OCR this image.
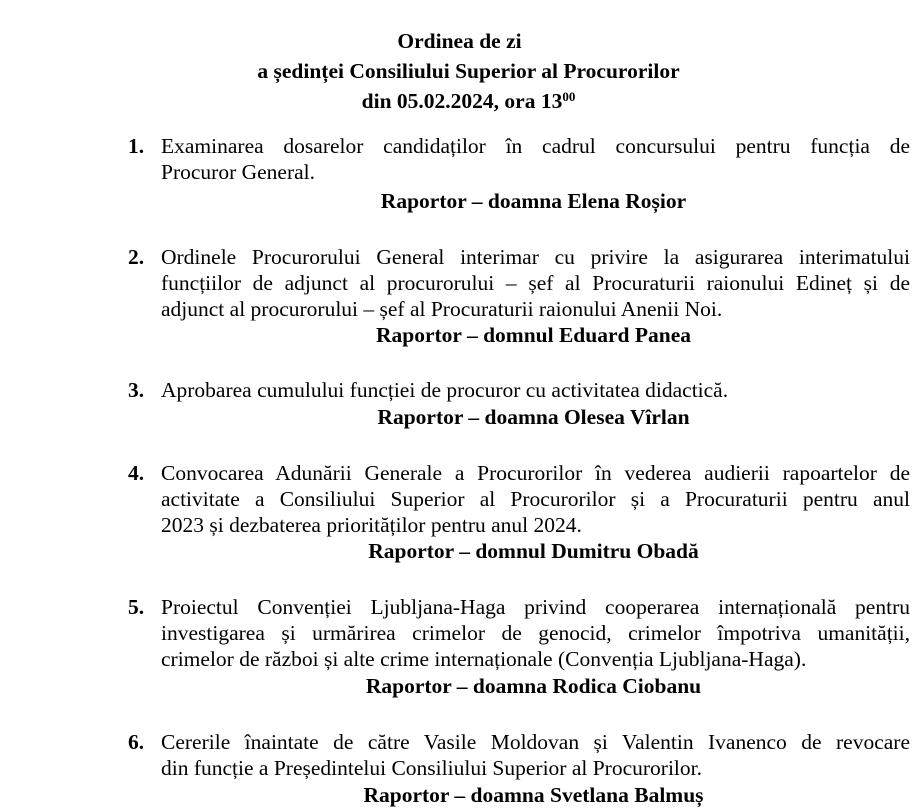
Ordinea de zi
a ședinței Consiliului Superior al Procurorilor
din 05.02.2024, ora $13^{00}$
1. Examinarea dosarelor candidaților în cadrul concursului pentru funcția de
Procuror General.
Raportor – doamna Elena Roșior
2. Ordinele Procurorului General interimar cu privire la asigurarea interimatului
funcțiilor de adjunct al procurorului – șef al Procuraturii raionului Edineț și de
adjunct al procurorului – șef al Procuraturii raionului Anenii Noi.
Raportor – domnul Eduard Panea
3. Aprobarea cumulului funcției de procuror cu activitatea didactică.
Raportor – doamna Olesea Vîrlan
4. Convocarea Adunării Generale a Procurorilor în vederea audierii rapoartelor de
activitate a Consiliului Superior al Procurorilor și a Procuraturii pentru anul
2023 și dezbaterea priorităților pentru anul 2024.
Raportor – domnul Dumitru Obadă
5. Proiectul Convenției Ljubljana-Haga privind cooperarea internațională pentru
investigarea și urmărirea crimelor de genocid, crimelor împotriva umanității,
crimelor de război și alte crime internaționale (Convenția Ljubljana-Haga).
Raportor – doamna Rodica Ciobanu
6. Cererile înaintate de către Vasile Moldovan și Valentin Ivanenco de revocare
din funcție a Președintelui Consiliului Superior al Procurorilor.
Raportor – doamna Svetlana Balmuș
